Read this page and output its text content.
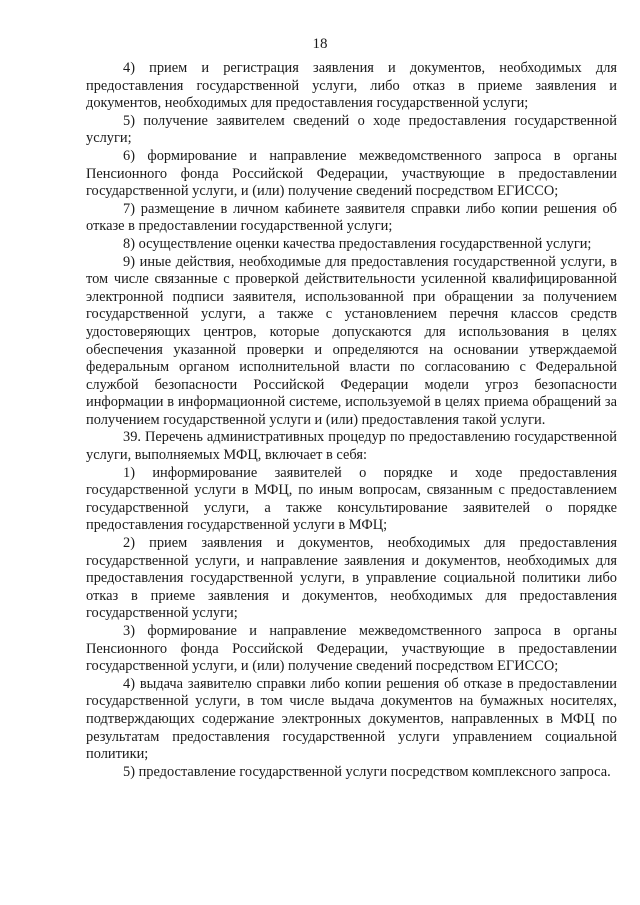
18

4) прием и регистрация заявления и документов, необходимых для предоставления государственной услуги, либо отказ в приеме заявления и документов, необходимых для предоставления государственной услуги;

5) получение заявителем сведений о ходе предоставления государственной услуги;

6) формирование и направление межведомственного запроса в органы Пенсионного фонда Российской Федерации, участвующие в предоставлении государственной услуги, и (или) получение сведений посредством ЕГИССО;

7) размещение в личном кабинете заявителя справки либо копии решения об отказе в предоставлении государственной услуги;

8) осуществление оценки качества предоставления государственной услуги;

9) иные действия, необходимые для предоставления государственной услуги, в том числе связанные с проверкой действительности усиленной квалифицированной электронной подписи заявителя, использованной при обращении за получением государственной услуги, а также с установлением перечня классов средств удостоверяющих центров, которые допускаются для использования в целях обеспечения указанной проверки и определяются на основании утверждаемой федеральным органом исполнительной власти по согласованию с Федеральной службой безопасности Российской Федерации модели угроз безопасности информации в информационной системе, используемой в целях приема обращений за получением государственной услуги и (или) предоставления такой услуги.

39. Перечень административных процедур по предоставлению государственной услуги, выполняемых МФЦ, включает в себя:

1) информирование заявителей о порядке и ходе предоставления государственной услуги в МФЦ, по иным вопросам, связанным с предоставлением государственной услуги, а также консультирование заявителей о порядке предоставления государственной услуги в МФЦ;

2) прием заявления и документов, необходимых для предоставления государственной услуги, и направление заявления и документов, необходимых для предоставления государственной услуги, в управление социальной политики либо отказ в приеме заявления и документов, необходимых для предоставления государственной услуги;

3) формирование и направление межведомственного запроса в органы Пенсионного фонда Российской Федерации, участвующие в предоставлении государственной услуги, и (или) получение сведений посредством ЕГИССО;

4) выдача заявителю справки либо копии решения об отказе в предоставлении государственной услуги, в том числе выдача документов на бумажных носителях, подтверждающих содержание электронных документов, направленных в МФЦ по результатам предоставления государственной услуги управлением социальной политики;

5) предоставление государственной услуги посредством комплексного запроса.
